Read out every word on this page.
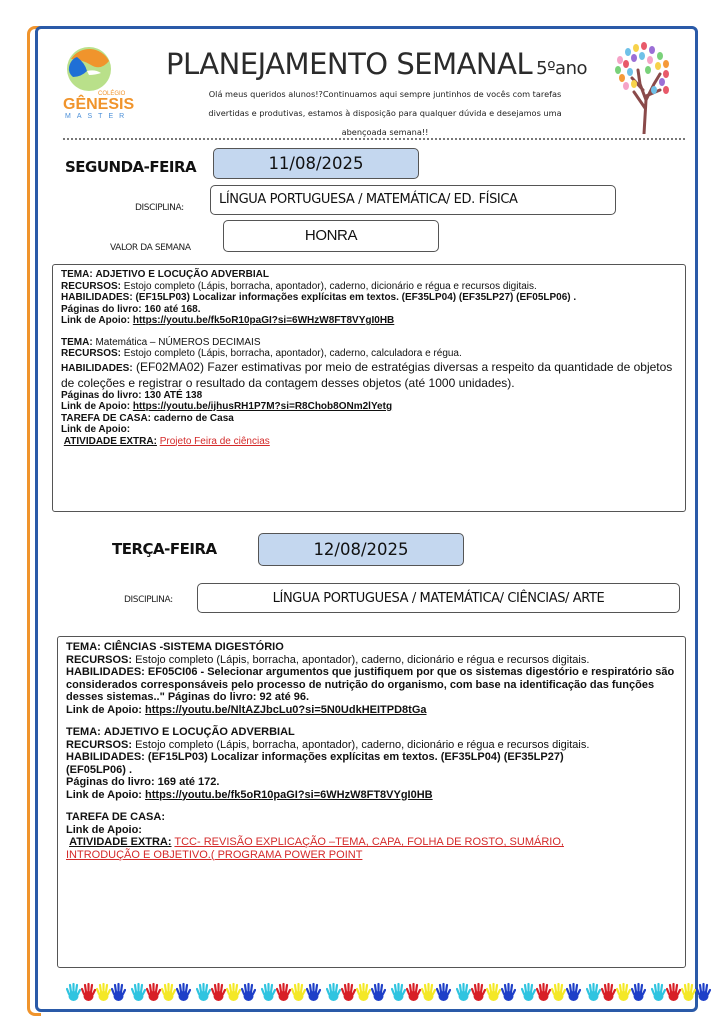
COLÉGIO
GÊNESIS
MASTER
PLANEJAMENTO SEMANAL 5ºano
Olá meus queridos alunos!?Continuamos aqui sempre juntinhos de vocês com tarefas
divertidas e produtivas, estamos à disposição para qualquer dúvida e desejamos uma
abençoada semana!!
SEGUNDA-FEIRA	11/08/2025
DISCIPLINA:
LÍNGUA PORTUGUESA / MATEMÁTICA/ ED. FÍSICA
VALOR DA SEMANA
HONRA

TEMA: ADJETIVO E LOCUÇÃO ADVERBIAL

RECURSOS: Estojo completo (Lápis, borracha, apontador), caderno, dicionário e régua e recursos digitais.

HABILIDADES: (EF15LP03) Localizar informações explícitas em textos. (EF35LP04) (EF35LP27) (EF05LP06) .

Páginas do livro: 160 até 168.

Link de Apoio: https://youtu.be/fk5oR10paGI?si=6WHzW8FT8VYgI0HB

TEMA: Matemática – NÚMEROS DECIMAIS

RECURSOS: Estojo completo (Lápis, borracha, apontador), caderno, calculadora e régua.

HABILIDADES: (EF02MA02) Fazer estimativas por meio de estratégias diversas a respeito da quantidade de objetos de coleções e registrar o resultado da contagem desses objetos (até 1000 unidades).

Páginas do livro: 130 ATÉ 138

Link de Apoio: https://youtu.be/ijhusRH1P7M?si=R8Chob8ONm2lYetg

TAREFA DE CASA: caderno de Casa

Link de Apoio:

ATIVIDADE EXTRA: Projeto Feira de ciências

TERÇA-FEIRA	12/08/2025
DISCIPLINA:	LÍNGUA PORTUGUESA / MATEMÁTICA/ CIÊNCIAS/ ARTE

TEMA: CIÊNCIAS -SISTEMA DIGESTÓRIO

RECURSOS: Estojo completo (Lápis, borracha, apontador), caderno, dicionário e régua e recursos digitais.

HABILIDADES: EF05CI06 - Selecionar argumentos que justifiquem por que os sistemas digestório e respiratório são considerados corresponsáveis pelo processo de nutrição do organismo, com base na identificação das funções desses sistemas.." Páginas do livro: 92 até 96.

Link de Apoio: https://youtu.be/NltAZJbcLu0?si=5N0UdkHEITPD8tGa

TEMA: ADJETIVO E LOCUÇÃO ADVERBIAL

RECURSOS: Estojo completo (Lápis, borracha, apontador), caderno, dicionário e régua e recursos digitais.

HABILIDADES: (EF15LP03) Localizar informações explícitas em textos. (EF35LP04) (EF35LP27)

(EF05LP06) .

Páginas do livro: 169 até 172.

Link de Apoio: https://youtu.be/fk5oR10paGI?si=6WHzW8FT8VYgI0HB

TAREFA DE CASA:

Link de Apoio:

ATIVIDADE EXTRA: TCC- REVISÃO EXPLICAÇÃO –TEMA, CAPA, FOLHA DE ROSTO, SUMÁRIO,

INTRODUÇÃO E OBJETIVO.( PROGRAMA POWER POINT
